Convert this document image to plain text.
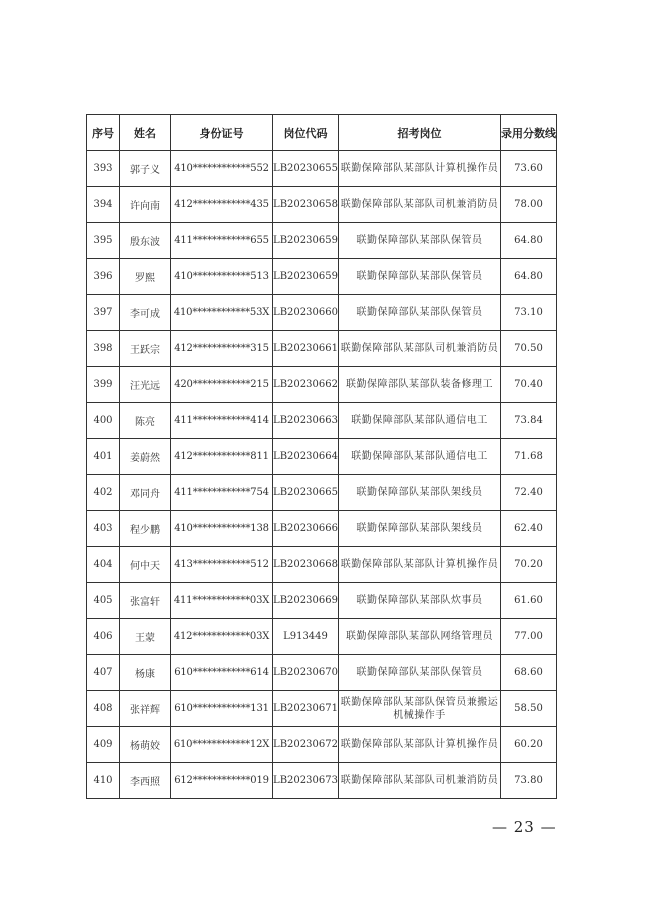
序号	姓名	身份证号	岗位代码	招考岗位	录用分数线
393	郭子义	410************552	LB20230655	联勤保障部队某部队计算机操作员	73.60
394	许向南	412************435	LB20230658	联勤保障部队某部队司机兼消防员	78.00
395	殷东波	411************655	LB20230659	联勤保障部队某部队保管员	64.80
396	罗熙	410************513	LB20230659	联勤保障部队某部队保管员	64.80
397	李可成	410************53X	LB20230660	联勤保障部队某部队保管员	73.10
398	王跃宗	412************315	LB20230661	联勤保障部队某部队司机兼消防员	70.50
399	汪光远	420************215	LB20230662	联勤保障部队某部队装备修理工	70.40
400	陈亮	411************414	LB20230663	联勤保障部队某部队通信电工	73.84
401	姜蔚然	412************811	LB20230664	联勤保障部队某部队通信电工	71.68
402	邓同舟	411************754	LB20230665	联勤保障部队某部队架线员	72.40
403	程少鹏	410************138	LB20230666	联勤保障部队某部队架线员	62.40
404	何中天	413************512	LB20230668	联勤保障部队某部队计算机操作员	70.20
405	张富轩	411************03X	LB20230669	联勤保障部队某部队炊事员	61.60
406	王蒙	412************03X	L913449	联勤保障部队某部队网络管理员	77.00
407	杨康	610************614	LB20230670	联勤保障部队某部队保管员	68.60
408	张祥辉	610************131	LB20230671	联勤保障部队某部队保管员兼搬运机械操作手	58.50
409	杨萌姣	610************12X	LB20230672	联勤保障部队某部队计算机操作员	60.20
410	李西照	612************019	LB20230673	联勤保障部队某部队司机兼消防员	73.80
— 23 —
